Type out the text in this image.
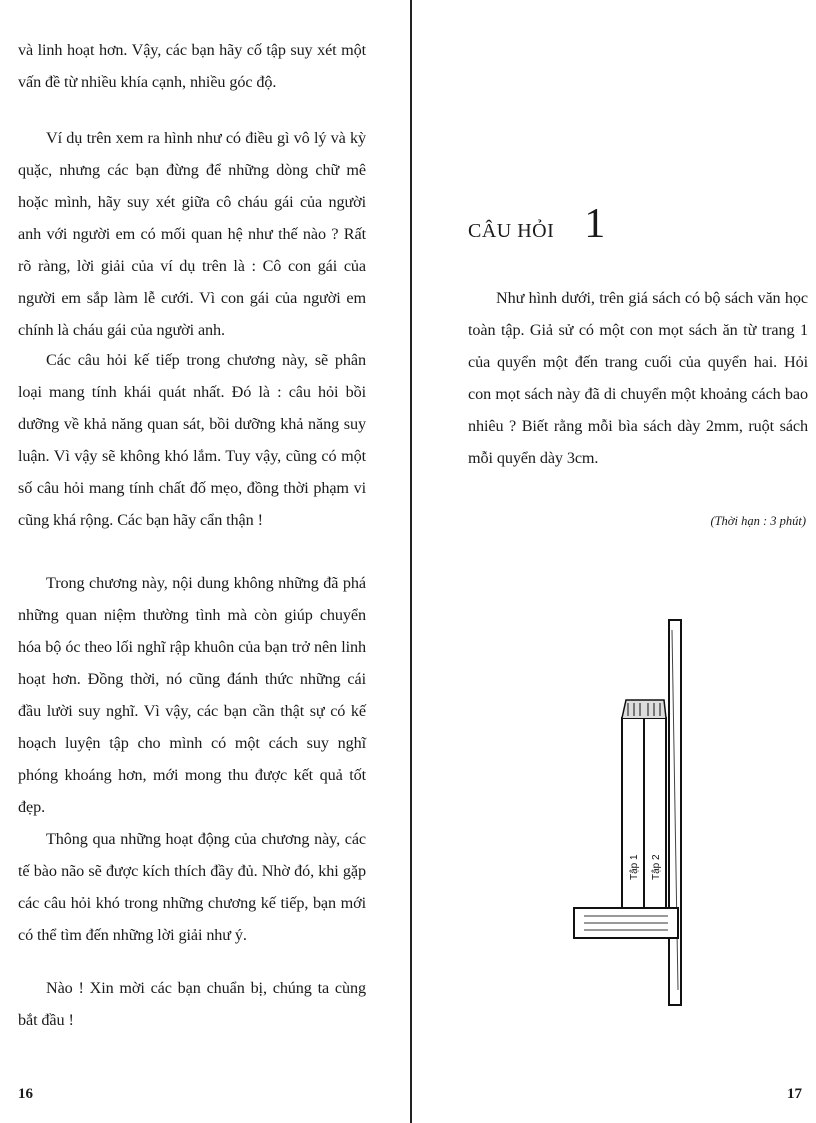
và linh hoạt hơn. Vậy, các bạn hãy cố tập suy xét một vấn đề từ nhiều khía cạnh, nhiều góc độ.

Ví dụ trên xem ra hình như có điều gì vô lý và kỳ quặc, nhưng các bạn đừng để những dòng chữ mê hoặc mình, hãy suy xét giữa cô cháu gái của người anh với người em có mối quan hệ như thế nào ? Rất rõ ràng, lời giải của ví dụ trên là : Cô con gái của người em sắp làm lễ cưới. Vì con gái của người em chính là cháu gái của người anh.

Các câu hỏi kế tiếp trong chương này, sẽ phân loại mang tính khái quát nhất. Đó là : câu hỏi bồi dưỡng về khả năng quan sát, bồi dưỡng khả năng suy luận. Vì vậy sẽ không khó lắm. Tuy vậy, cũng có một số câu hỏi mang tính chất đố mẹo, đồng thời phạm vi cũng khá rộng. Các bạn hãy cẩn thận !

Trong chương này, nội dung không những đã phá những quan niệm thường tình mà còn giúp chuyển hóa bộ óc theo lối nghĩ rập khuôn của bạn trở nên linh hoạt hơn. Đồng thời, nó cũng đánh thức những cái đầu lười suy nghĩ. Vì vậy, các bạn cần thật sự có kế hoạch luyện tập cho mình có một cách suy nghĩ phóng khoáng hơn, mới mong thu được kết quả tốt đẹp.

Thông qua những hoạt động của chương này, các tế bào não sẽ được kích thích đầy đủ. Nhờ đó, khi gặp các câu hỏi khó trong những chương kế tiếp, bạn mới có thể tìm đến những lời giải như ý.

Nào ! Xin mời các bạn chuẩn bị, chúng ta cùng bắt đầu !

16
CÂU HỎI 1

Như hình dưới, trên giá sách có bộ sách văn học toàn tập. Giả sử có một con mọt sách ăn từ trang 1 của quyển một đến trang cuối của quyển hai. Hỏi con mọt sách này đã di chuyển một khoảng cách bao nhiêu ? Biết rằng mỗi bìa sách dày 2mm, ruột sách mỗi quyển dày 3cm.

(Thời hạn : 3 phút)
Tập 1 Tập 2
17
